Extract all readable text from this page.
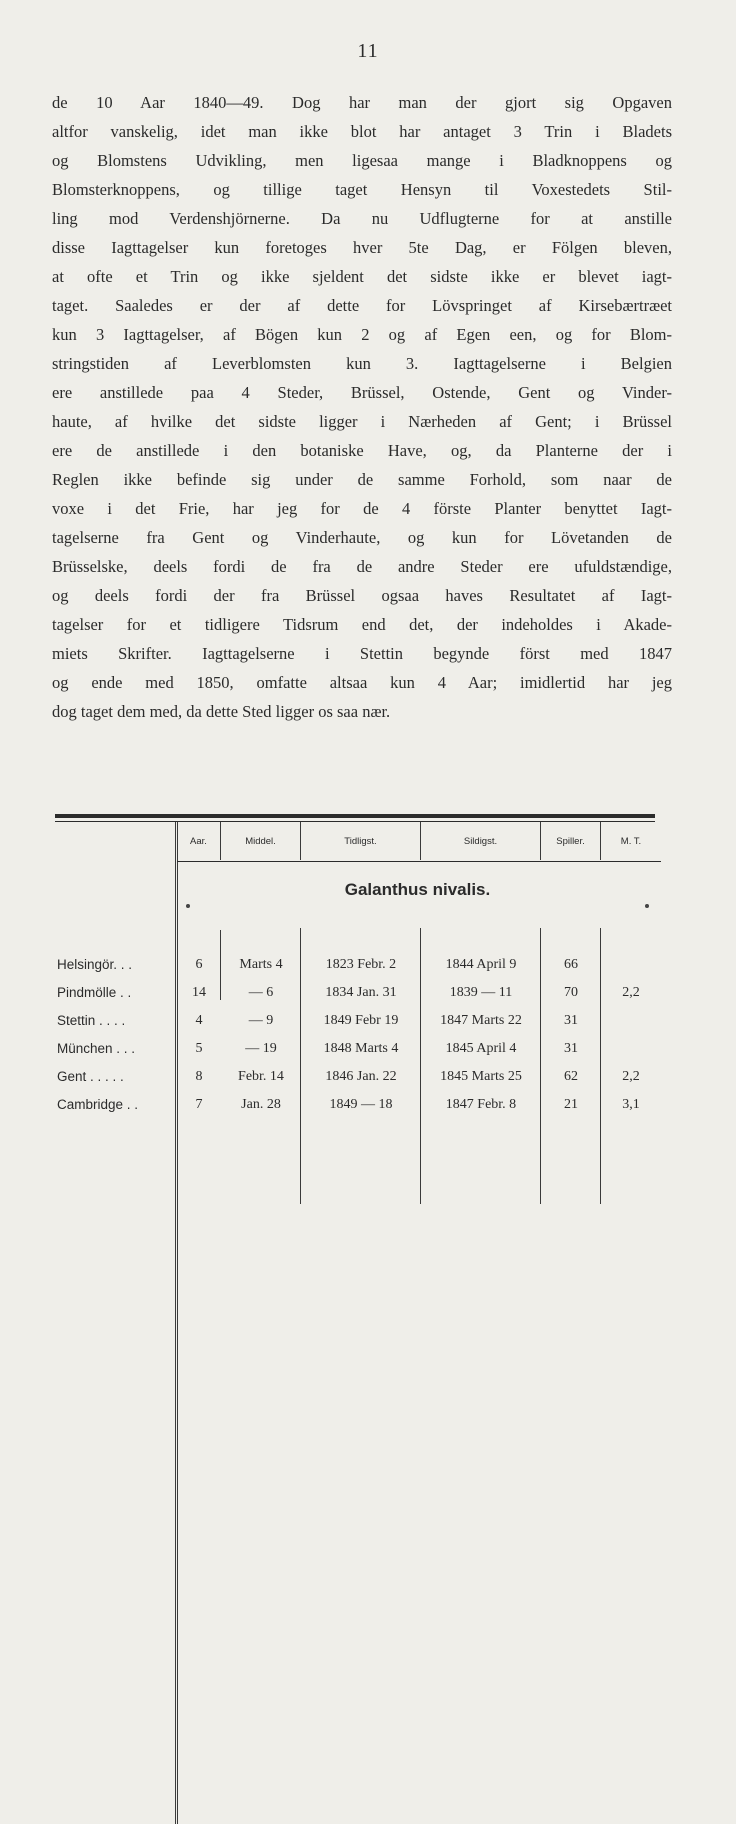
11
de 10 Aar 1840—49. Dog har man der gjort sig Opgaven
altfor vanskelig, idet man ikke blot har antaget 3 Trin i Bladets
og Blomstens Udvikling, men ligesaa mange i Bladknoppens og
Blomsterknoppens, og tillige taget Hensyn til Voxestedets Stil-
ling mod Verdenshjörnerne. Da nu Udflugterne for at anstille
disse Iagttagelser kun foretoges hver 5te Dag, er Fölgen bleven,
at ofte et Trin og ikke sjeldent det sidste ikke er blevet iagt-
taget. Saaledes er der af dette for Lövspringet af Kirsebærtræet
kun 3 Iagttagelser, af Bögen kun 2 og af Egen een, og for Blom-
stringstiden af Leverblomsten kun 3. Iagttagelserne i Belgien
ere anstillede paa 4 Steder, Brüssel, Ostende, Gent og Vinder-
haute, af hvilke det sidste ligger i Nærheden af Gent; i Brüssel
ere de anstillede i den botaniske Have, og, da Planterne der i
Reglen ikke befinde sig under de samme Forhold, som naar de
voxe i det Frie, har jeg for de 4 förste Planter benyttet Iagt-
tagelserne fra Gent og Vinderhaute, og kun for Lövetanden de
Brüsselske, deels fordi de fra de andre Steder ere ufuldstændige,
og deels fordi der fra Brüssel ogsaa haves Resultatet af Iagt-
tagelser for et tidligere Tidsrum end det, der indeholdes i Akade-
miets Skrifter. Iagttagelserne i Stettin begynde först med 1847
og ende med 1850, omfatte altsaa kun 4 Aar; imidlertid har jeg
dog taget dem med, da dette Sted ligger os saa nær.
Aar.	Middel.	Tidligst.	Sildigst.	Spiller.	M. T.
Galanthus nivalis.
Helsingör. . .	6	Marts 4	1823 Febr. 2	1844 April 9	66
Pindmölle . .	14	— 6	1834 Jan. 31	1839 — 11	70	2,2
Stettin . . . .	4	— 9	1849 Febr 19	1847 Marts 22	31
München . . .	5	— 19	1848 Marts 4	1845 April 4	31
Gent . . . . .	8	Febr. 14	1846 Jan. 22	1845 Marts 25	62	2,2
Cambridge . .	7	Jan. 28	1849 — 18	1847 Febr. 8	21	3,1
